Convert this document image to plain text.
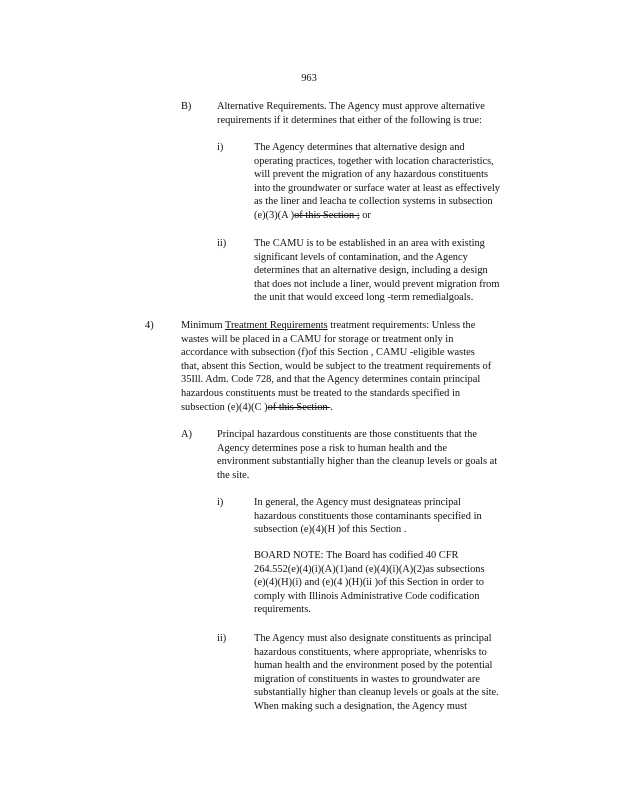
963
B) Alternative Requirements. The Agency must approve alternative
requirements if it determines that either of the following is true:
i)	The Agency determines that alternative design and
operating practices, together with location characteristics,
will prevent the migration of any hazardous constituents
into the groundwater or surface water at least as effectively
as the liner and leacha te collection systems in subsection
(e)(3)(A )of this Section ; or
ii)	The CAMU is to be established in an area with existing
significant levels of contamination, and the Agency
determines that an alternative design, including a design
that does not include a liner, would prevent migration from
the unit that would exceed long -term remedialgoals.
4)	Minimum Treatment Requirements treatment requirements: Unless the
wastes will be placed in a CAMU for storage or treatment only in
accordance with subsection (f)of this Section , CAMU -eligible wastes
that, absent this Section, would be subject to the treatment requirements of
35Ill. Adm. Code 728, and that the Agency determines contain principal
hazardous constituents must be treated to the standards specified in
subsection (e)(4)(C )of this Section .
A) Principal hazardous constituents are those constituents that the
Agency determines pose a risk to human health and the
environment substantially higher than the cleanup levels or goals at
the site.
i)	In general, the Agency must designateas principal
hazardous constituents those contaminants specified in
subsection (e)(4)(H )of this Section .
BOARD NOTE: The Board has codified 40 CFR
264.552(e)(4)(i)(A)(1)and (e)(4)(i)(A)(2)as subsections
(e)(4)(H)(i) and (e)(4 )(H)(ii )of this Section in order to
comply with Illinois Administrative Code codification
requirements.
ii)	The Agency must also designate constituents as principal
hazardous constituents, where appropriate, whenrisks to
human health and the environment posed by the potential
migration of constituents in wastes to groundwater are
substantially higher than cleanup levels or goals at the site.
When making such a designation, the Agency must
